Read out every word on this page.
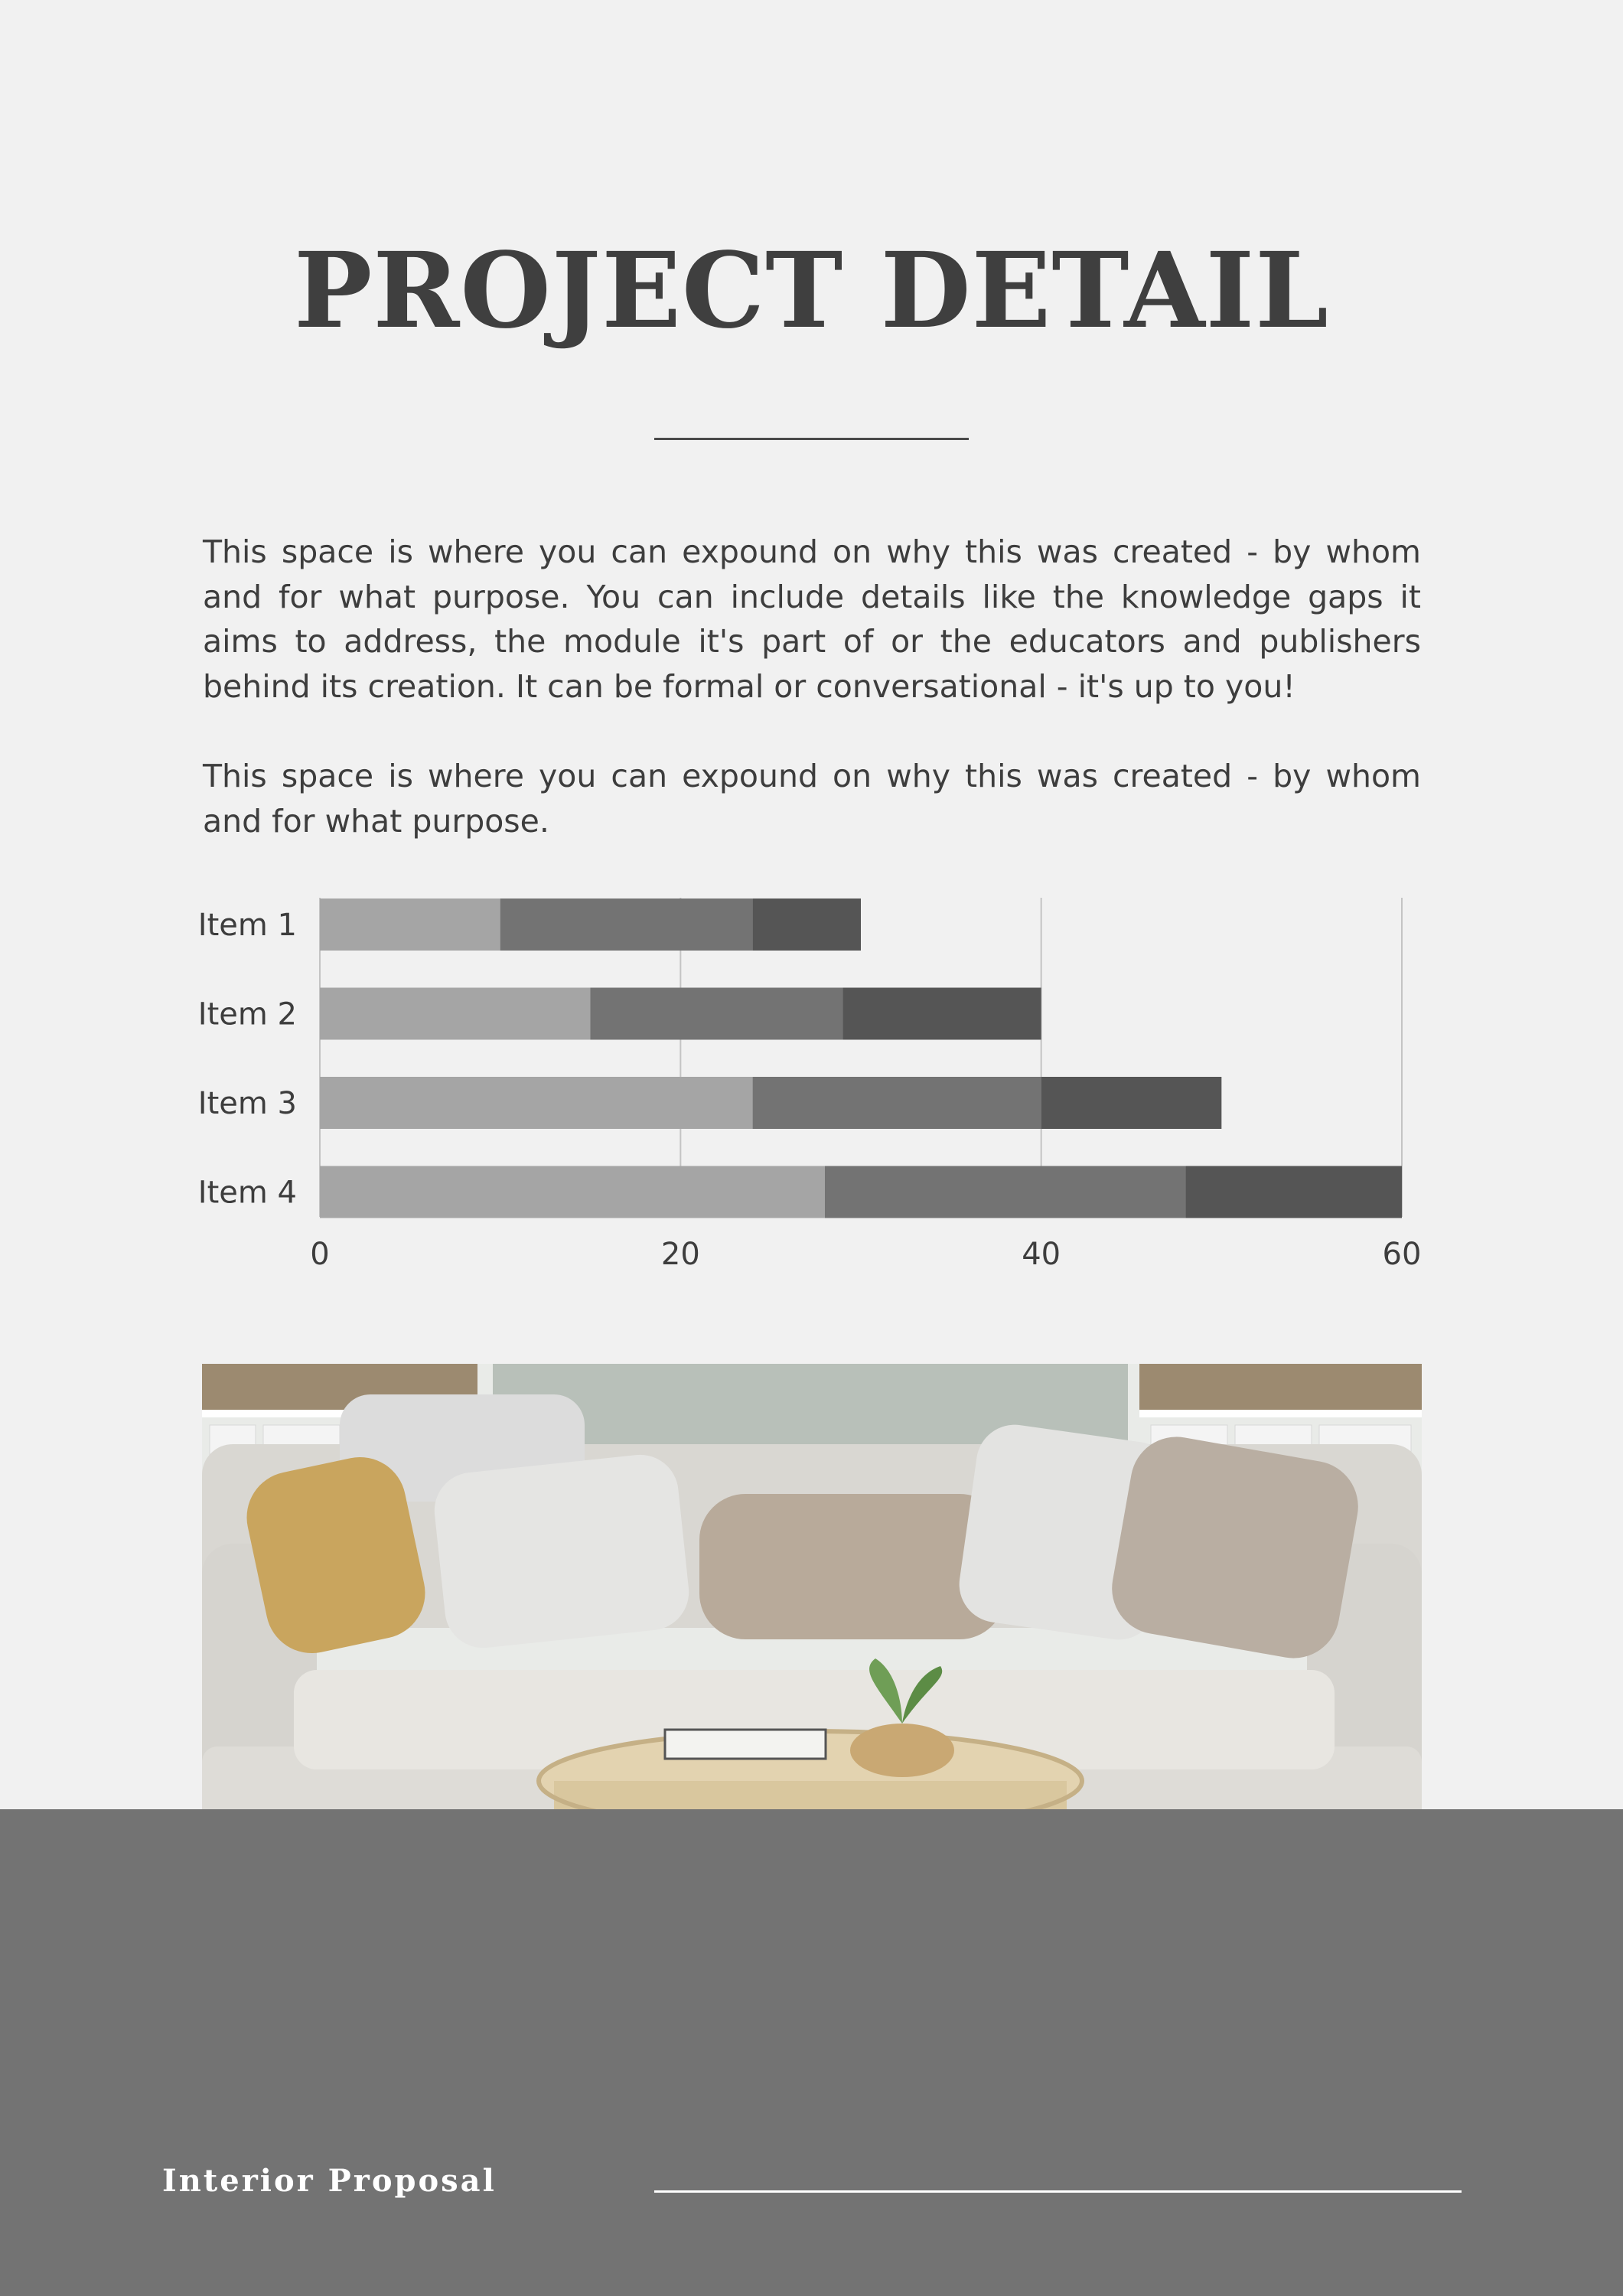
PROJECT DETAIL

This space is where you can expound on why this was created - by whom and for what purpose. You can include details like the knowledge gaps it aims to address, the module it's part of or the educators and publishers behind its creation. It can be formal or conversational - it's up to you!

This space is where you can expound on why this was created - by whom and for what purpose.

Item 1
Item 2
Item 3
Item 4
0	20	40	60
Interior Proposal
